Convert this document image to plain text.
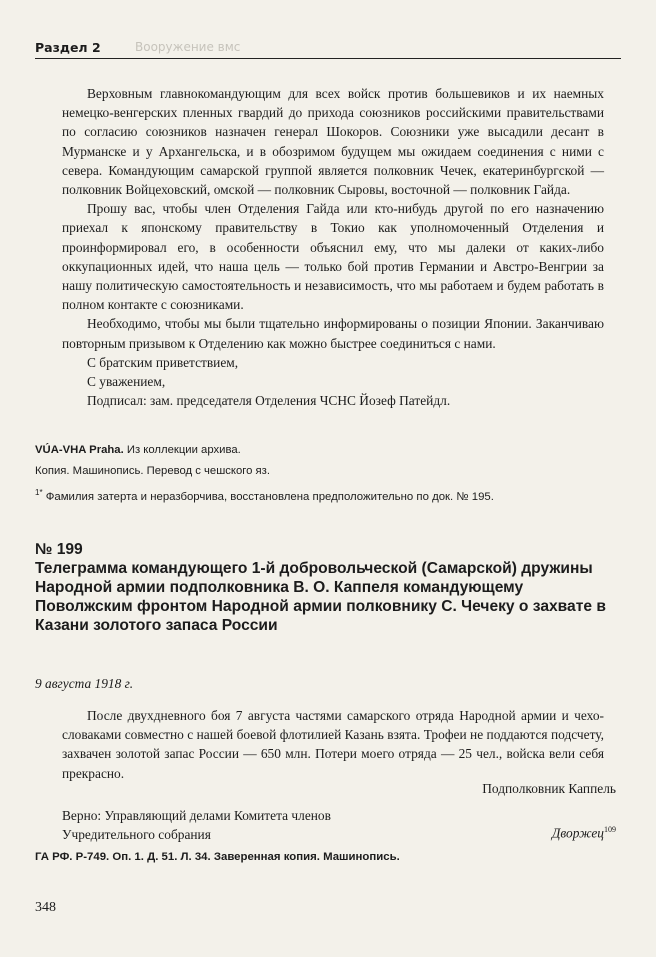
Раздел 2	Вооружение вмс

Верховным главнокомандующим для всех войск против большевиков и их наемных немецко-венгерских пленных гвардий до прихода союзников российскими правительствами по согласию союзников назначен генерал Шокоров. Союзники уже высадили десант в Мурманске и у Архангельска, и в обозримом будущем мы ожидаем соединения с ними с севера. Командующим самарской группой является полковник Чечек, екатеринбургской — полковник Войцеховский, омской — полковник Сыровы, восточной — полковник Гайда.

Прошу вас, чтобы член Отделения Гайда или кто-нибудь другой по его назначению приехал к японскому правительству в Токио как уполномоченный Отделения и проинформировал его, в особенности объяснил ему, что мы далеки от каких-либо оккупационных идей, что наша цель — только бой против Германии и Австро-Венгрии за нашу политическую самостоятельность и независимость, что мы работаем и будем работать в полном контакте с союзниками.

Необходимо, чтобы мы были тщательно информированы о позиции Японии. Заканчиваю повторным призывом к Отделению как можно быстрее соединиться с нами.

С братским приветствием,

С уважением,

Подписал: зам. председателя Отделения ЧСНС Йозеф Патейдл.

VÚA-VHA Praha. Из коллекции архива.
Копия. Машинопись. Перевод с чешского яз.
$^{1*}$ Фамилия затерта и неразборчива, восстановлена предположительно по док. № 195.
№ 199
Телеграмма командующего 1-й добровольческой (Самарской) дружины Народной армии подполковника В. О. Каппеля командующему Поволжским фронтом Народной армии полковнику С. Чечеку о захвате в Казани золотого запаса России
9 августа 1918 г.

После двухдневного боя 7 августа частями самарского отряда Народной армии и чехо-словаками совместно с нашей боевой флотилией Казань взята. Трофеи не поддаются подсчету, захвачен золотой запас России — 650 млн. Потери моего отряда — 25 чел., войска вели себя прекрасно.

Подполковник Каппель
Верно: Управляющий делами Комитета членов
Учредительного собрания	Дворжец$^{109}$
ГА РФ. Р-749. Оп. 1. Д. 51. Л. 34. Заверенная копия. Машинопись.
348
